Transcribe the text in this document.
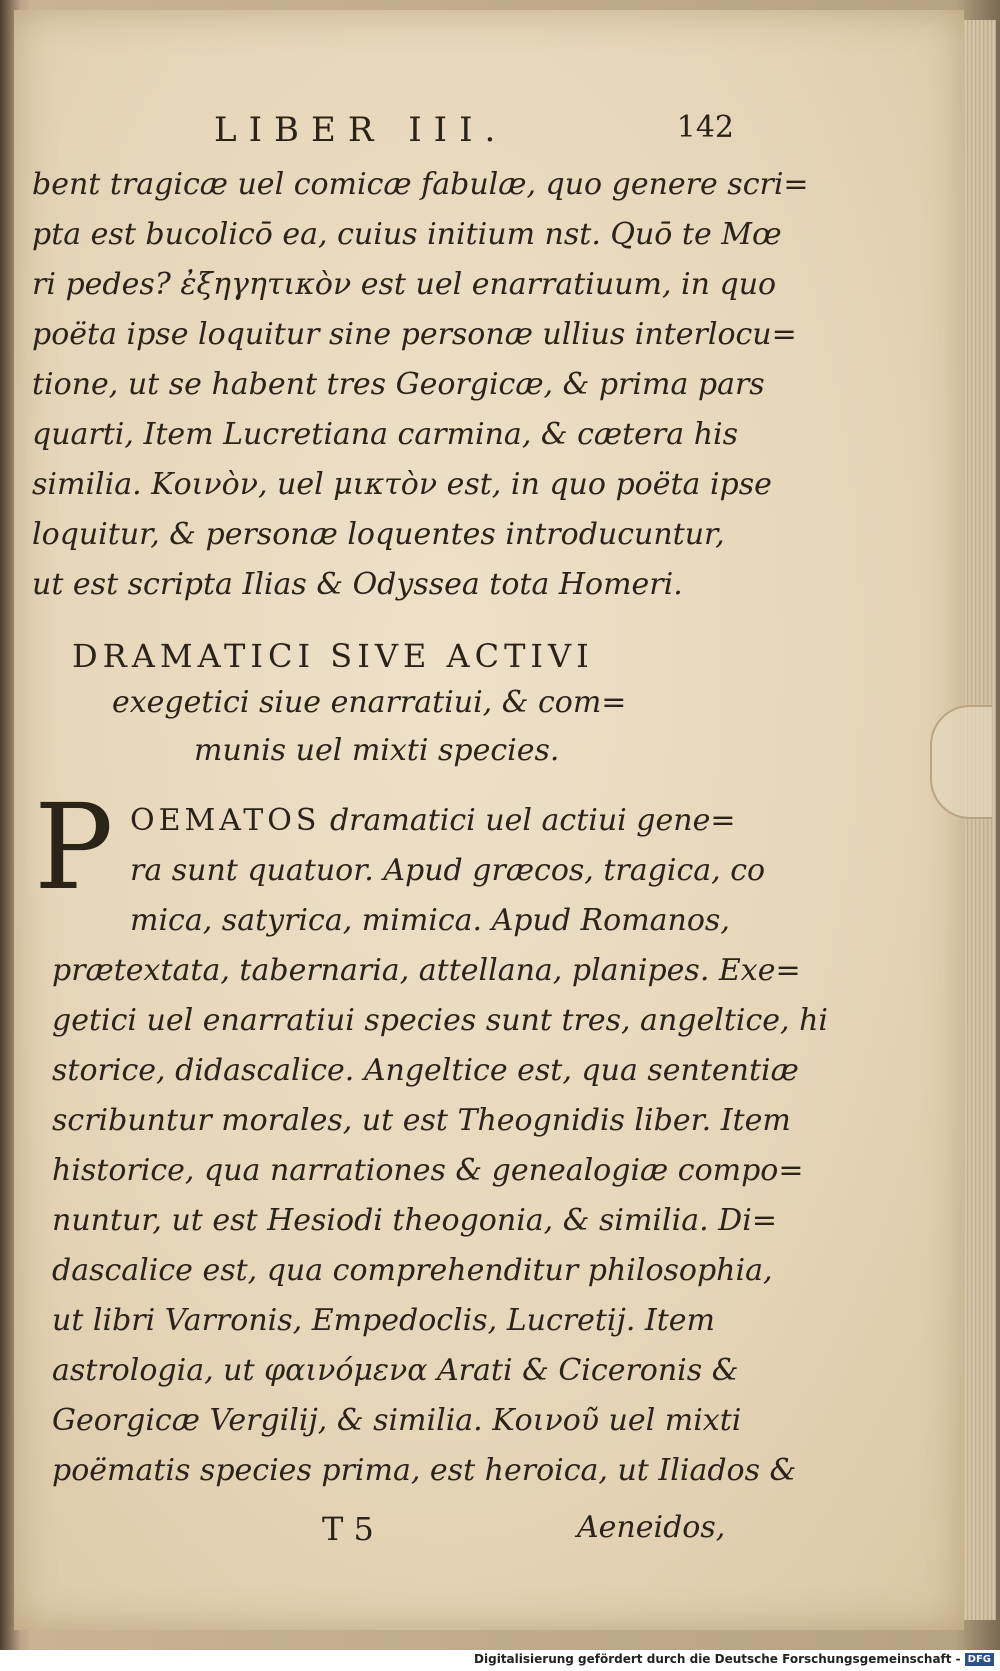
LIBER III.	142
bent tragicæ uel comicæ fabulæ, quo genere scri=
pta est bucolicō ea, cuius initium nst. Quō te Mœ
ri pedes? ἐξηγητικὸν est uel enarratiuum, in quo
poëta ipse loquitur sine personæ ullius interlocu=
tione, ut se habent tres Georgicæ, & prima pars
quarti, Item Lucretiana carmina, & cætera his
similia. Κοινὸν, uel μικτὸν est, in quo poëta ipse
loquitur, & personæ loquentes introducuntur,
ut est scripta Ilias & Odyssea tota Homeri.
DRAMATICI SIVE ACTIVI
exegetici siue enarratiui, & com=
munis uel mixti species.
P OEMATOS dramatici uel actiui gene=
ra sunt quatuor. Apud græcos, tragica, co
mica, satyrica, mimica. Apud Romanos,
prætextata, tabernaria, attellana, planipes. Exe=
getici uel enarratiui species sunt tres, angeltice, hi
storice, didascalice. Angeltice est, qua sententiæ
scribuntur morales, ut est Theognidis liber. Item
historice, qua narrationes & genealogiæ compo=
nuntur, ut est Hesiodi theogonia, & similia. Di=
dascalice est, qua comprehenditur philosophia,
ut libri Varronis, Empedoclis, Lucretij. Item
astrologia, ut φαινόμενα Arati & Ciceronis &
Georgicæ Vergilij, & similia. Κοινοῦ uel mixti
poëmatis species prima, est heroica, ut Iliados &
T 5	Aeneidos,
Digitalisierung gefördert durch die Deutsche Forschungsgemeinschaft - DFG
